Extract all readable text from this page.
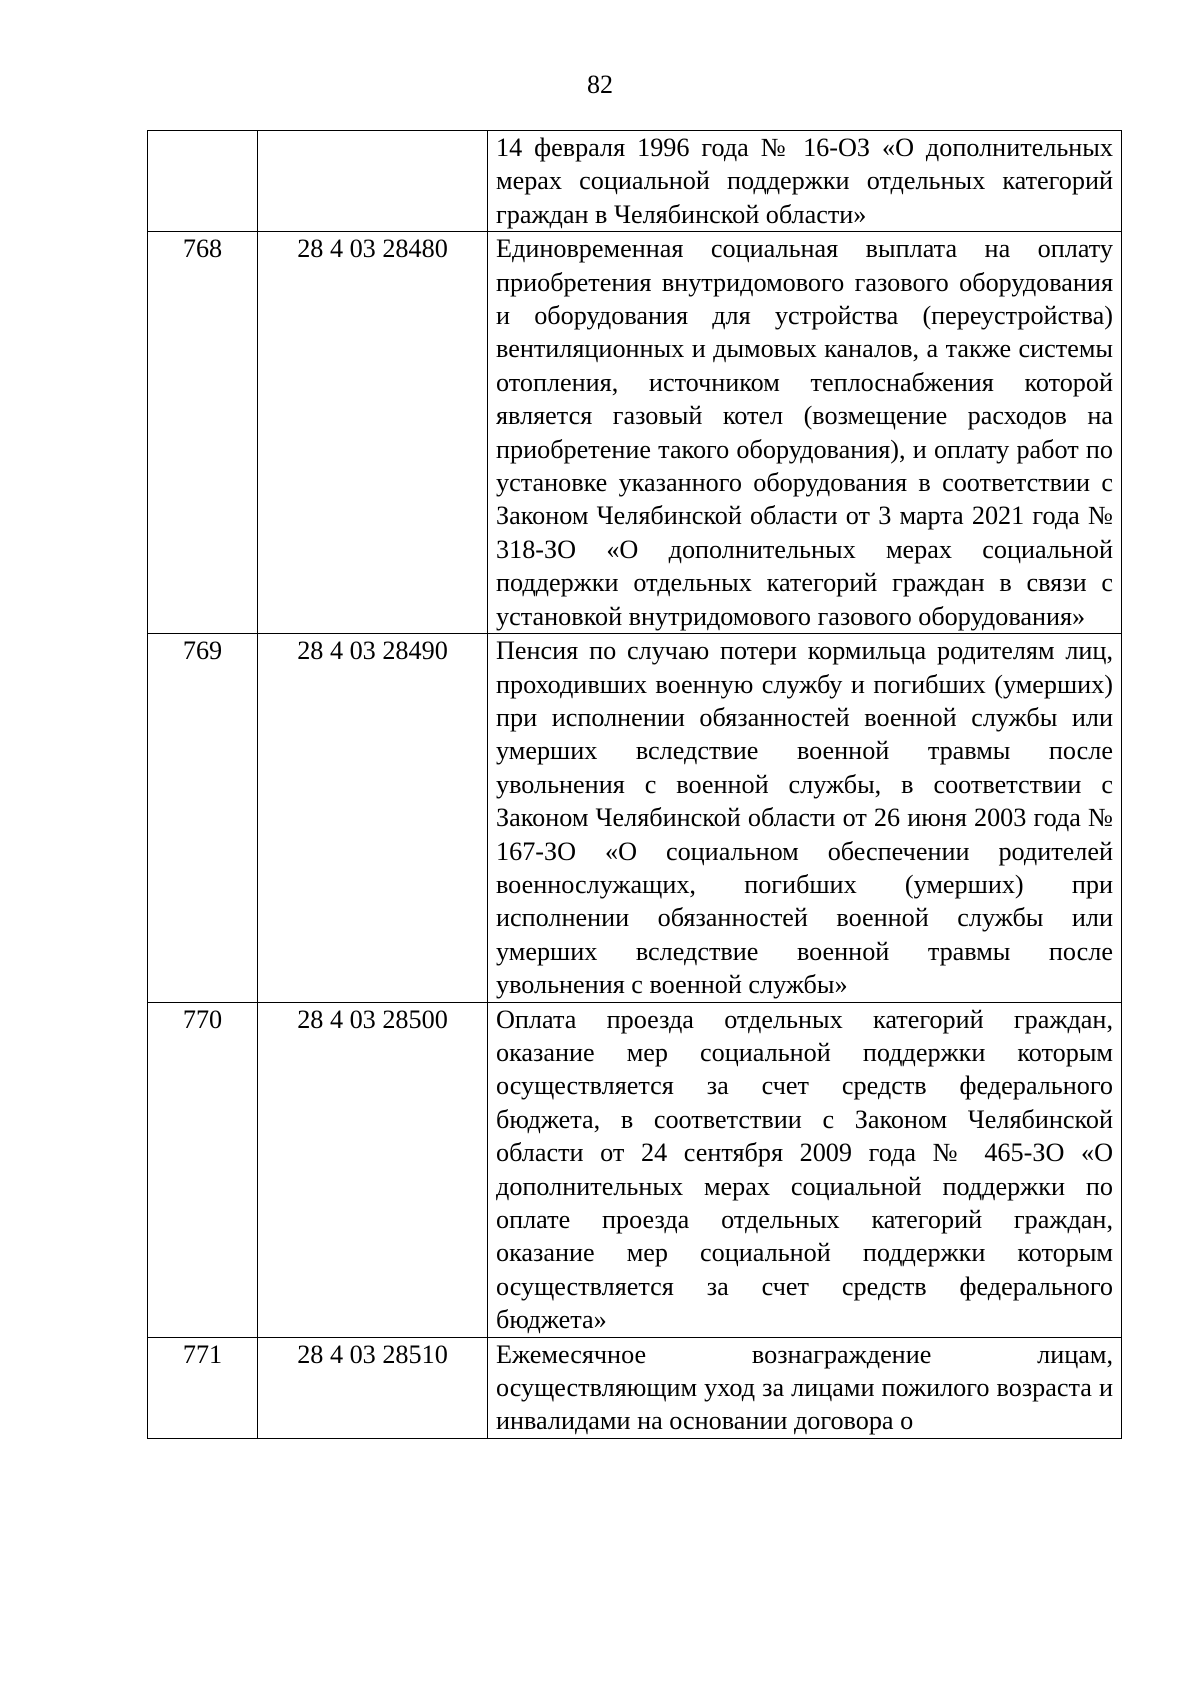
82
		14 февраля 1996 года № 16-ОЗ «О дополнительных мерах социальной поддержки отдельных категорий граждан в Челябинской области»
768	28 4 03 28480	Единовременная социальная выплата на оплату приобретения внутридомового газового оборудования и оборудования для устройства (переустройства) вентиляционных и дымовых каналов, а также системы отопления, источником теплоснабжения которой является газовый котел (возмещение расходов на приобретение такого оборудования), и оплату работ по установке указанного оборудования в соответствии с Законом Челябинской области от 3 марта 2021 года № 318-ЗО «О дополнительных мерах социальной поддержки отдельных категорий граждан в связи с установкой внутридомового газового оборудования»
769	28 4 03 28490	Пенсия по случаю потери кормильца родителям лиц, проходивших военную службу и погибших (умерших) при исполнении обязанностей военной службы или умерших вследствие военной травмы после увольнения с военной службы, в соответствии с Законом Челябинской области от 26 июня 2003 года № 167-ЗО «О социальном обеспечении родителей военнослужащих, погибших (умерших) при исполнении обязанностей военной службы или умерших вследствие военной травмы после увольнения с военной службы»
770	28 4 03 28500	Оплата проезда отдельных категорий граждан, оказание мер социальной поддержки которым осуществляется за счет средств федерального бюджета, в соответствии с Законом Челябинской области от 24 сентября 2009 года № 465-ЗО «О дополнительных мерах социальной поддержки по оплате проезда отдельных категорий граждан, оказание мер социальной поддержки которым осуществляется за счет средств федерального бюджета»
771	28 4 03 28510	Ежемесячное вознаграждение лицам, осуществляющим уход за лицами пожилого возраста и инвалидами на основании договора о
